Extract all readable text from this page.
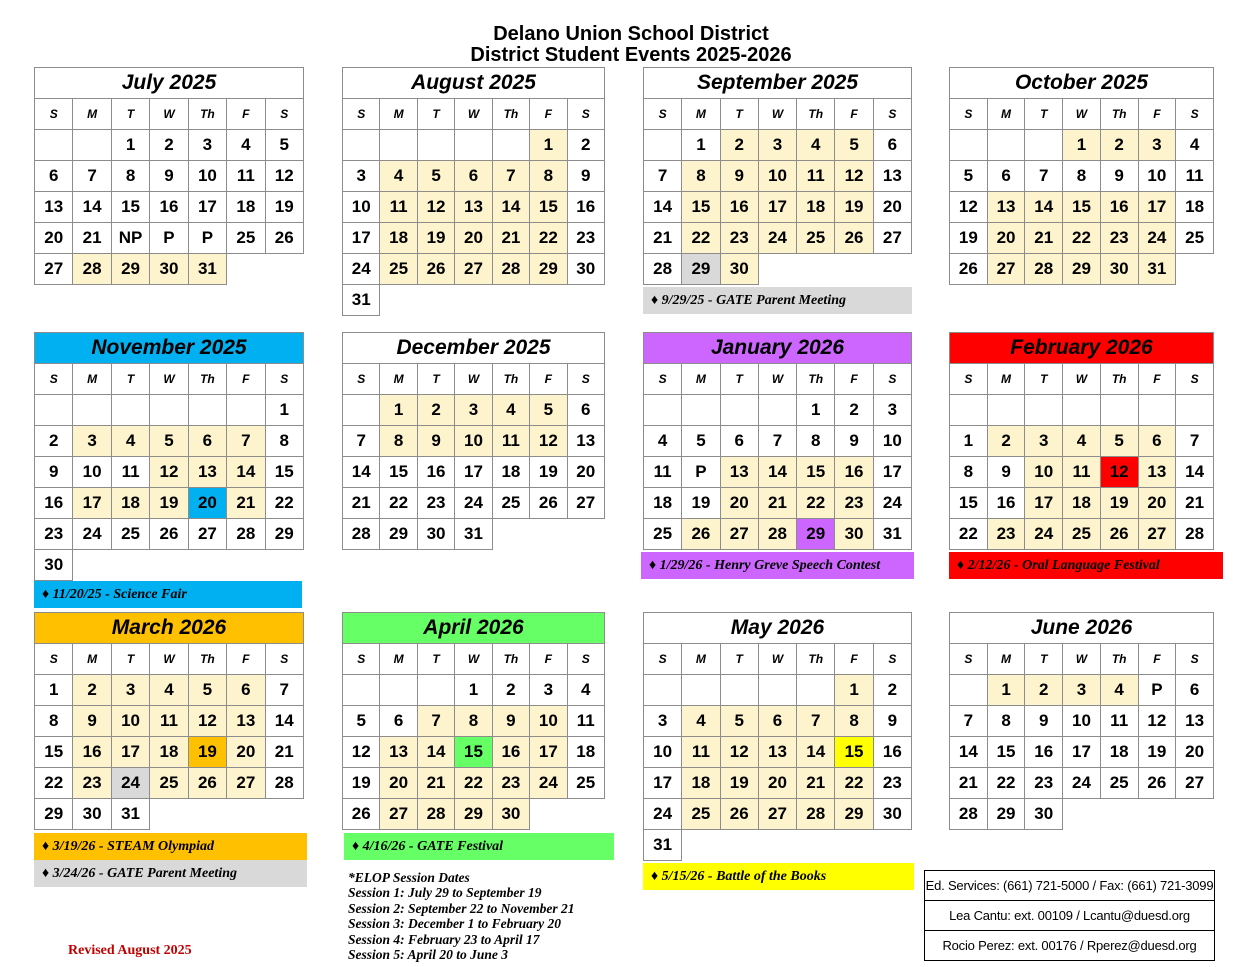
Delano Union School District
District Student Events 2025-2026
July 2025						
S	M	T	W	Th	F	S
		1	2	3	4	5
6	7	8	9	10	11	12
13	14	15	16	17	18	19
20	21	NP	P	P	25	26
27	28	29	30	31		
August 2025						
S	M	T	W	Th	F	S
					1	2
3	4	5	6	7	8	9
10	11	12	13	14	15	16
17	18	19	20	21	22	23
24	25	26	27	28	29	30
31						
September 2025						
S	M	T	W	Th	F	S
	1	2	3	4	5	6
7	8	9	10	11	12	13
14	15	16	17	18	19	20
21	22	23	24	25	26	27
28	29	30				
October 2025						
S	M	T	W	Th	F	S
			1	2	3	4
5	6	7	8	9	10	11
12	13	14	15	16	17	18
19	20	21	22	23	24	25
26	27	28	29	30	31	
November 2025						
S	M	T	W	Th	F	S
						1
2	3	4	5	6	7	8
9	10	11	12	13	14	15
16	17	18	19	20	21	22
23	24	25	26	27	28	29
30						
December 2025						
S	M	T	W	Th	F	S
	1	2	3	4	5	6
7	8	9	10	11	12	13
14	15	16	17	18	19	20
21	22	23	24	25	26	27
28	29	30	31			
January 2026						
S	M	T	W	Th	F	S
				1	2	3
4	5	6	7	8	9	10
11	P	13	14	15	16	17
18	19	20	21	22	23	24
25	26	27	28	29	30	31
February 2026						
S	M	T	W	Th	F	S

1	2	3	4	5	6	7
8	9	10	11	12	13	14
15	16	17	18	19	20	21
22	23	24	25	26	27	28
March 2026						
S	M	T	W	Th	F	S
1	2	3	4	5	6	7
8	9	10	11	12	13	14
15	16	17	18	19	20	21
22	23	24	25	26	27	28
29	30	31				
April 2026						
S	M	T	W	Th	F	S
			1	2	3	4
5	6	7	8	9	10	11
12	13	14	15	16	17	18
19	20	21	22	23	24	25
26	27	28	29	30		
May 2026						
S	M	T	W	Th	F	S
					1	2
3	4	5	6	7	8	9
10	11	12	13	14	15	16
17	18	19	20	21	22	23
24	25	26	27	28	29	30
31						
June 2026						
S	M	T	W	Th	F	S
	1	2	3	4	P	6
7	8	9	10	11	12	13
14	15	16	17	18	19	20
21	22	23	24	25	26	27
28	29	30				
♦ 9/29/25 - GATE Parent Meeting
♦ 11/20/25 - Science Fair
♦ 1/29/26 - Henry Greve Speech Contest	♦ 2/12/26 - Oral Language Festival
♦ 3/19/26 - STEAM Olympiad
♦ 3/24/26 - GATE Parent Meeting
♦ 4/16/26 - GATE Festival
♦ 5/15/26 - Battle of the Books
*ELOP Session Dates
Session 1: July 29 to September 19
Session 2: September 22 to November 21
Session 3: December 1 to February 20
Session 4: February 23 to April 17
Session 5: April 20 to June 3
Revised August 2025
Ed. Services: (661) 721-5000 / Fax: (661) 721-3099
Lea Cantu: ext. 00109 / Lcantu@duesd.org
Rocio Perez: ext. 00176 / Rperez@duesd.org
